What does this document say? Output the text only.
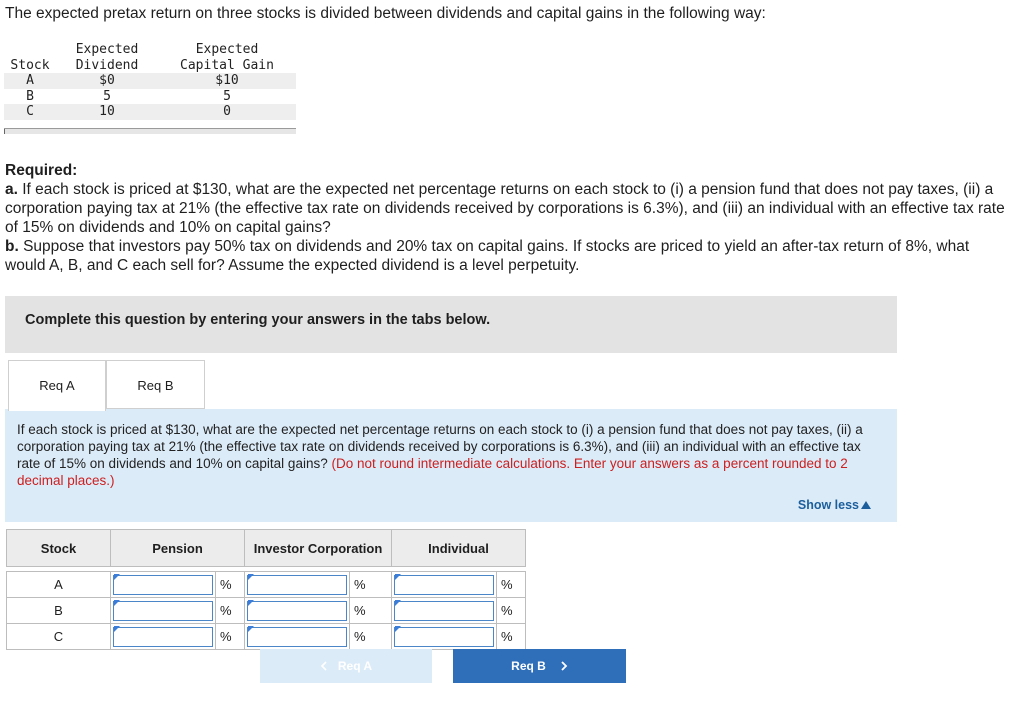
The expected pretax return on three stocks is divided between dividends and capital gains in the following way:
	Expected	Expected
Stock	Dividend	Capital Gain
A	$0	$10
B	5	5
C	10	0
Required:
a. If each stock is priced at $130, what are the expected net percentage returns on each stock to (i) a pension fund that does not pay taxes, (ii) a corporation paying tax at 21% (the effective tax rate on dividends received by corporations is 6.3%), and (iii) an individual with an effective tax rate of 15% on dividends and 10% on capital gains?
b. Suppose that investors pay 50% tax on dividends and 20% tax on capital gains. If stocks are priced to yield an after-tax return of 8%, what would A, B, and C each sell for? Assume the expected dividend is a level perpetuity.
Complete this question by entering your answers in the tabs below.
Req A	Req B
If each stock is priced at $130, what are the expected net percentage returns on each stock to (i) a pension fund that does not pay taxes, (ii) a corporation paying tax at 21% (the effective tax rate on dividends received by corporations is 6.3%), and (iii) an individual with an effective tax rate of 15% on dividends and 10% on capital gains? (Do not round intermediate calculations. Enter your answers as a percent rounded to 2 decimal places.)
Show less
Stock	Pension		Investor Corporation		Individual	

A		%		%		%
B		%		%		%
C		%		%		%
Req A	Req B
